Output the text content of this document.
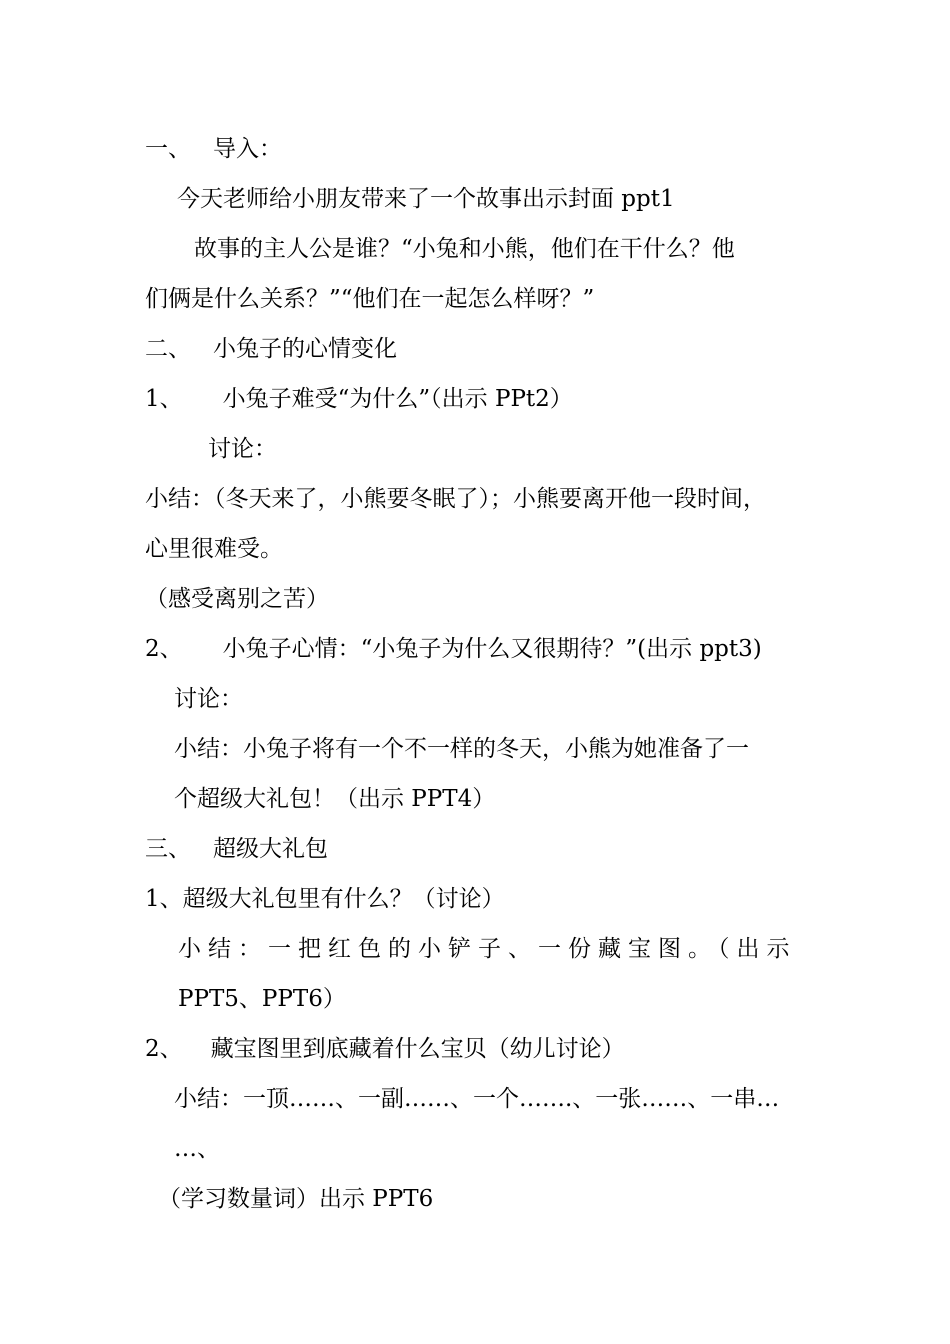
一、 导入：
今天老师给小朋友带来了一个故事出示封面 ppt1
故事的主人公是谁？“小兔和小熊，他们在干什么？他
们俩是什么关系？”“他们在一起怎么样呀？”
二、 小兔子的心情变化
1、 小兔子难受“为什么”（出示 PPt2）
讨论：
小结：（冬天来了，小熊要冬眠了）；小熊要离开他一段时间，
心里很难受。
（感受离别之苦）
2、 小兔子心情：“小兔子为什么又很期待？”(出示 ppt3)
讨论：
小结：小兔子将有一个不一样的冬天，小熊为她准备了一
个超级大礼包！（出示 PPT4）
三、 超级大礼包
1、超级大礼包里有什么？（讨论）
小结：一把红色的小铲子、一份藏宝图。（出示
PPT5、PPT6）
2、 藏宝图里到底藏着什么宝贝（幼儿讨论）
小结：一顶……、一副……、一个…….、一张……、一串…
…、
（学习数量词）出示 PPT6
